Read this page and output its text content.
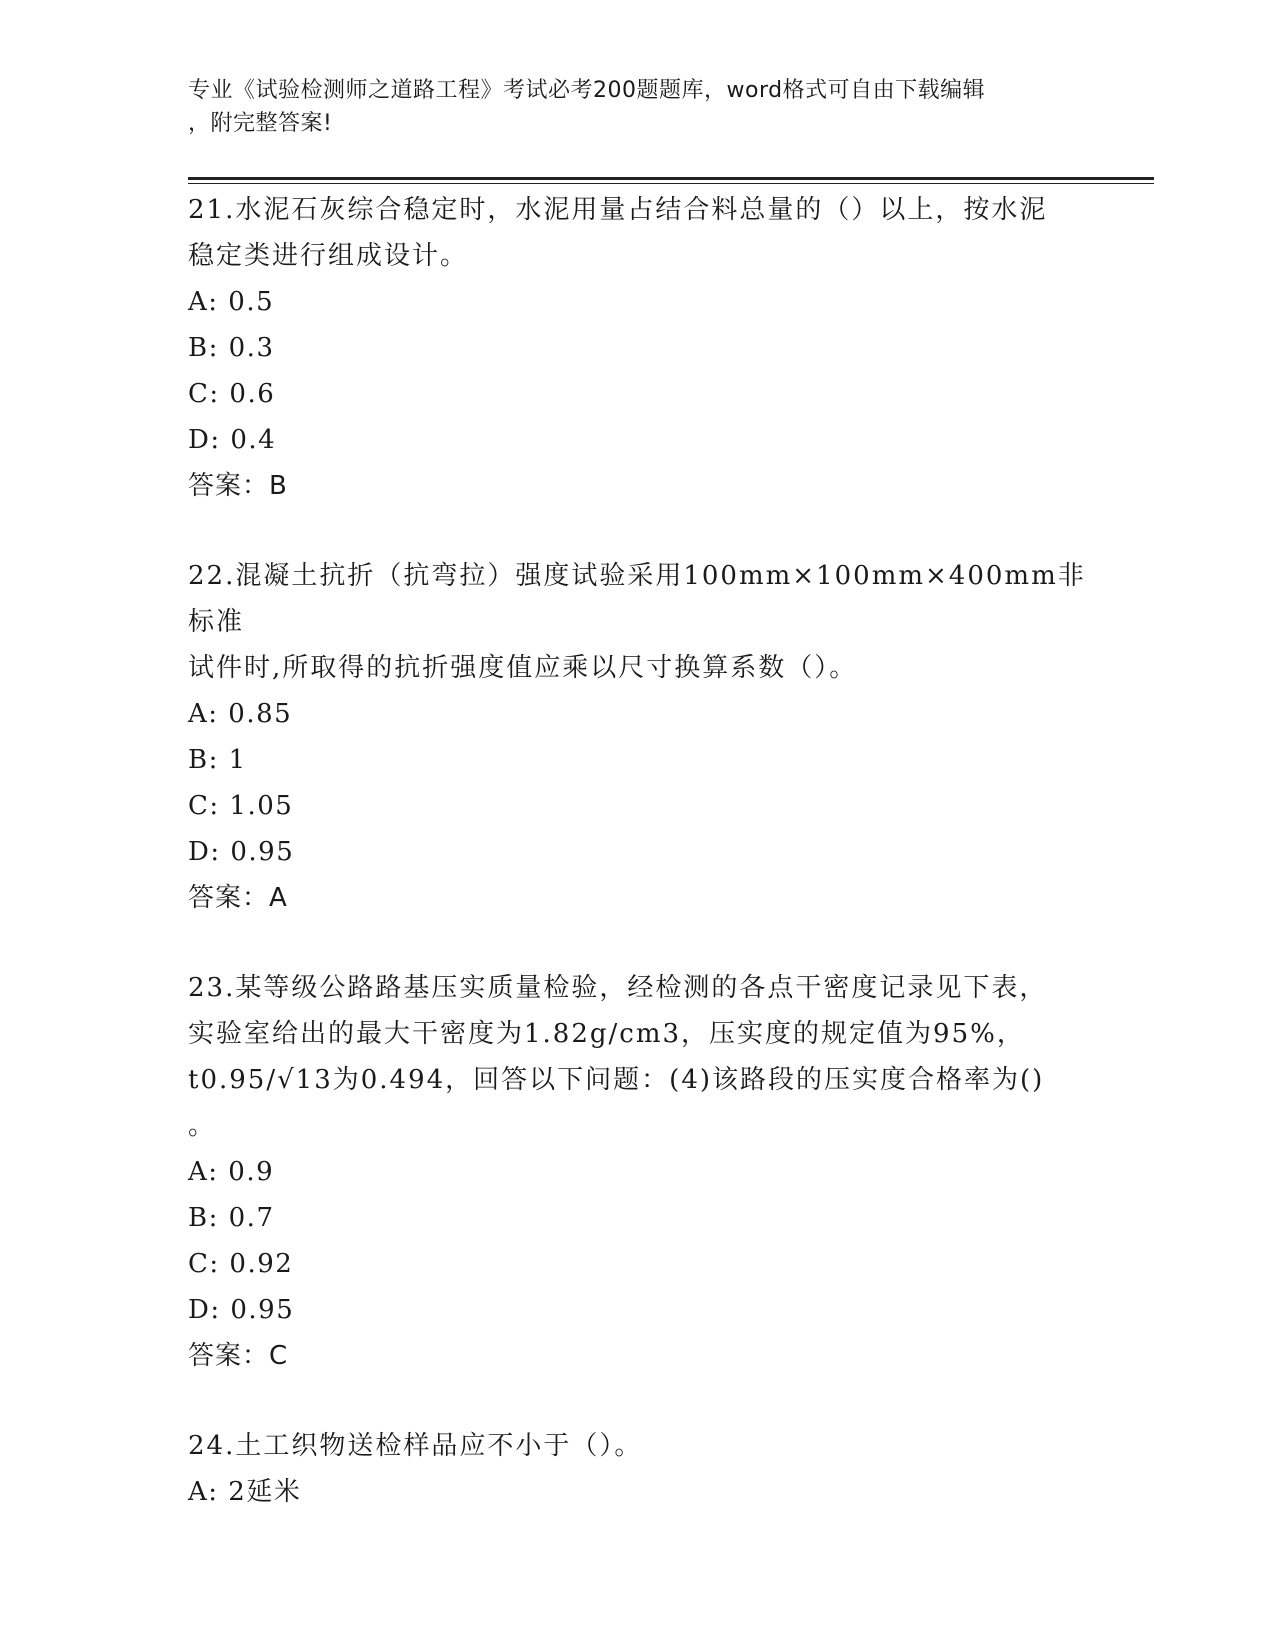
专业《试验检测师之道路工程》考试必考200题题库，word格式可自由下载编辑
，附完整答案!
21.水泥石灰综合稳定时，水泥用量占结合料总量的（）以上，按水泥
稳定类进行组成设计。
A: 0.5
B: 0.3
C: 0.6
D: 0.4
答案：B
22.混凝土抗折（抗弯拉）强度试验采用100mm×100mm×400mm非标准
试件时,所取得的抗折强度值应乘以尺寸换算系数（）。
A: 0.85
B: 1
C: 1.05
D: 0.95
答案：A
23.某等级公路路基压实质量检验，经检测的各点干密度记录见下表，
实验室给出的最大干密度为1.82g/cm3，压实度的规定值为95%，
t0.95/√13为0.494，回答以下问题：(4)该路段的压实度合格率为()
。
A: 0.9
B: 0.7
C: 0.92
D: 0.95
答案：C
24.土工织物送检样品应不小于（）。
A: 2延米
